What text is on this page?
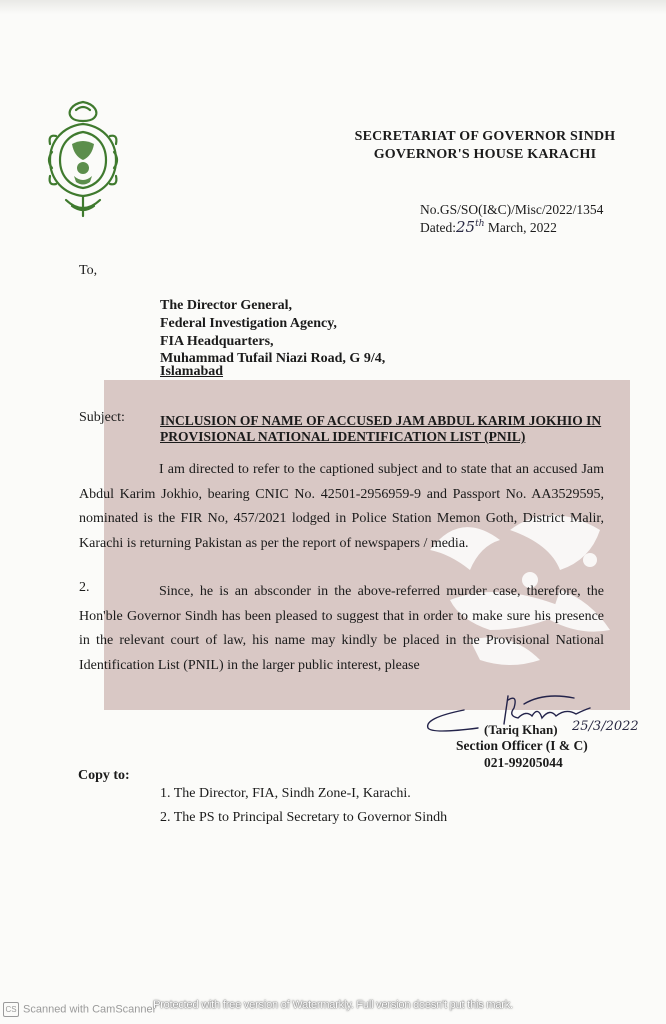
SECRETARIAT OF GOVERNOR SINDH
GOVERNOR'S HOUSE KARACHI
No.GS/SO(I&C)/Misc/2022/1354
Dated:25th March, 2022
To,
The Director General,
Federal Investigation Agency,
FIA Headquarters,
Muhammad Tufail Niazi Road, G 9/4,
Islamabad
Subject:	INCLUSION OF NAME OF ACCUSED JAM ABDUL KARIM JOKHIO IN PROVISIONAL NATIONAL IDENTIFICATION LIST (PNIL)
I am directed to refer to the captioned subject and to state that an accused Jam Abdul Karim Jokhio, bearing CNIC No. 42501-2956959-9 and Passport No. AA3529595, nominated is the FIR No, 457/2021 lodged in Police Station Memon Goth, District Malir, Karachi is returning Pakistan as per the report of newspapers / media.
2.	Since, he is an absconder in the above-referred murder case, therefore, the Hon'ble Governor Sindh has been pleased to suggest that in order to make sure his presence in the relevant court of law, his name may kindly be placed in the Provisional National Identification List (PNIL) in the larger public interest, please
(Tariq Khan) 25/3/2022
Section Officer (I & C)
021-99205044
Copy to:
1. The Director, FIA, Sindh Zone-I, Karachi.
2. The PS to Principal Secretary to Governor Sindh
CS Scanned with CamScanner
Protected with free version of Watermarkly. Full version doesn't put this mark.
